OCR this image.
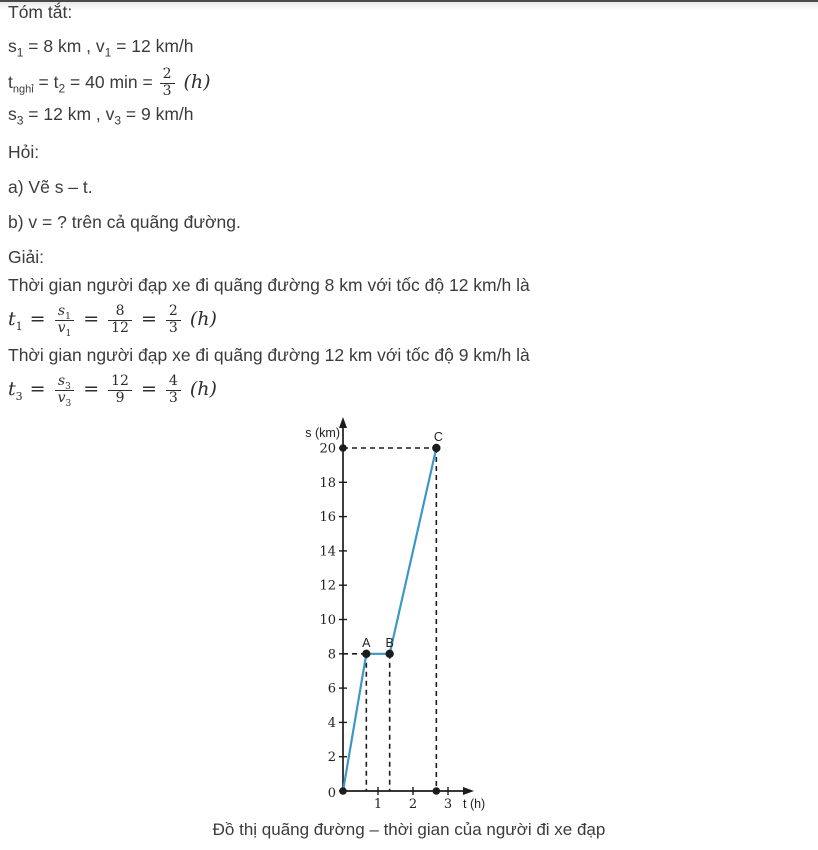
Tóm tắt:

$s_1 = 8$ km , $v_1 = 12$ km/h

$t_{nghỉ} = t_2 = 40$ $\min = \frac{2}{3} (h)$

$s_3 = 12$ km , $v_3 = 9$ km/h

Hỏi:

a) Vẽ s – t.

b) v = ? trên cả quãng đường.

Giải:

Thời gian người đạp xe đi quãng đường 8 km với tốc độ 12 km/h là

$t_1 = \frac{s_1}{v_1} = \frac{8}{12} = \frac{2}{3} (h)$

Thời gian người đạp xe đi quãng đường 12 km với tốc độ 9 km/h là

$t_3 = \frac{s_3}{v_3} = \frac{12}{9} = \frac{4}{3} (h)$

2
4
6
8
10
12
14
16
18
20
1 2 3
0
s (km)
t (h)
A B
C

Đồ thị quãng đường – thời gian của người đi xe đạp
